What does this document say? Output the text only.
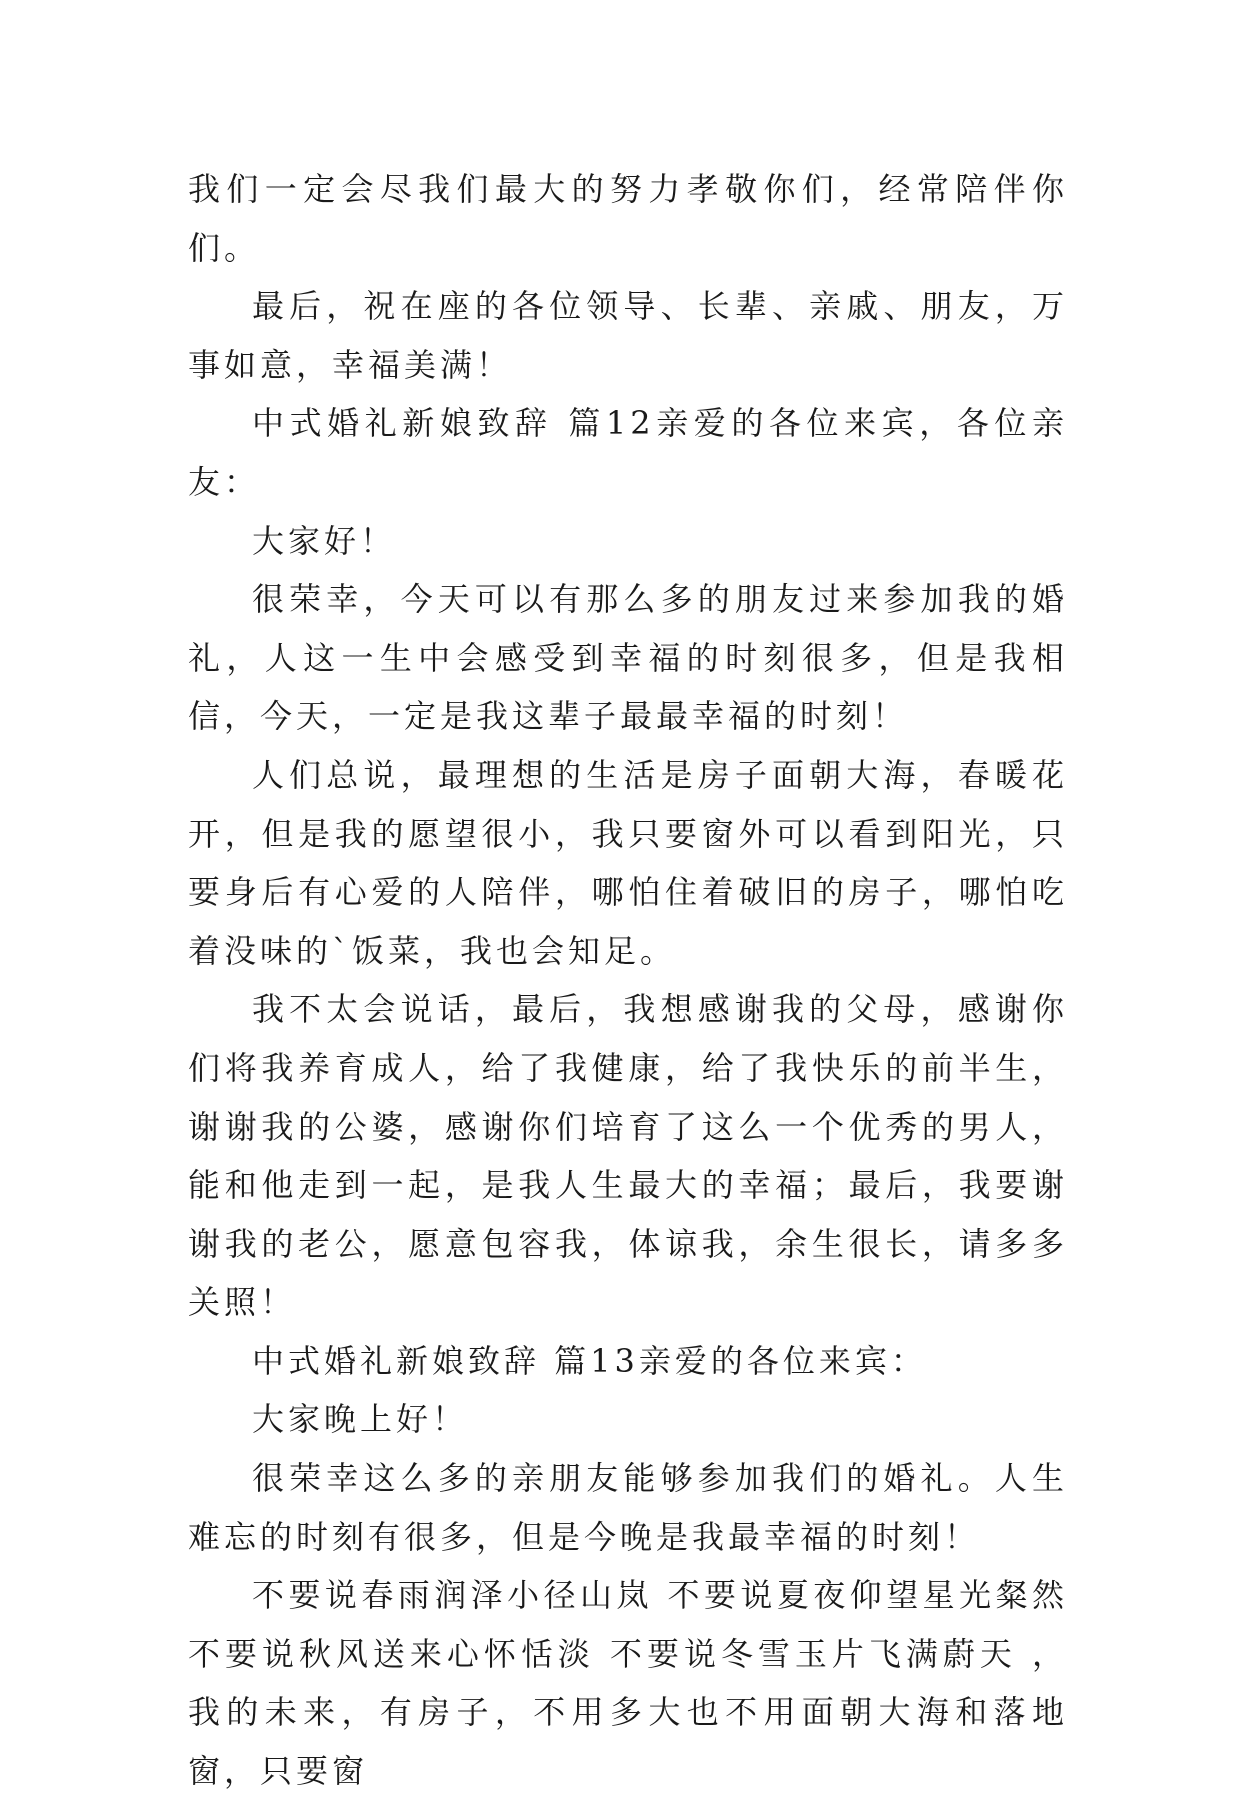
我们一定会尽我们最大的努力孝敬你们，经常陪伴你们。

最后，祝在座的各位领导、长辈、亲戚、朋友，万事如意，幸福美满！

中式婚礼新娘致辞 篇12亲爱的各位来宾，各位亲友：

大家好！

很荣幸，今天可以有那么多的朋友过来参加我的婚礼，人这一生中会感受到幸福的时刻很多，但是我相信，今天，一定是我这辈子最最幸福的时刻！

人们总说，最理想的生活是房子面朝大海，春暖花开，但是我的愿望很小，我只要窗外可以看到阳光，只要身后有心爱的人陪伴，哪怕住着破旧的房子，哪怕吃着没味的`饭菜，我也会知足。

我不太会说话，最后，我想感谢我的父母，感谢你们将我养育成人，给了我健康，给了我快乐的前半生，谢谢我的公婆，感谢你们培育了这么一个优秀的男人，能和他走到一起，是我人生最大的幸福；最后，我要谢谢我的老公，愿意包容我，体谅我，余生很长，请多多关照！

中式婚礼新娘致辞 篇13亲爱的各位来宾：

大家晚上好！

很荣幸这么多的亲朋友能够参加我们的婚礼。人生难忘的时刻有很多，但是今晚是我最幸福的时刻！

不要说春雨润泽小径山岚 不要说夏夜仰望星光粲然 不要说秋风送来心怀恬淡 不要说冬雪玉片飞满蔚天 ，我的未来，有房子，不用多大也不用面朝大海和落地窗，只要窗
